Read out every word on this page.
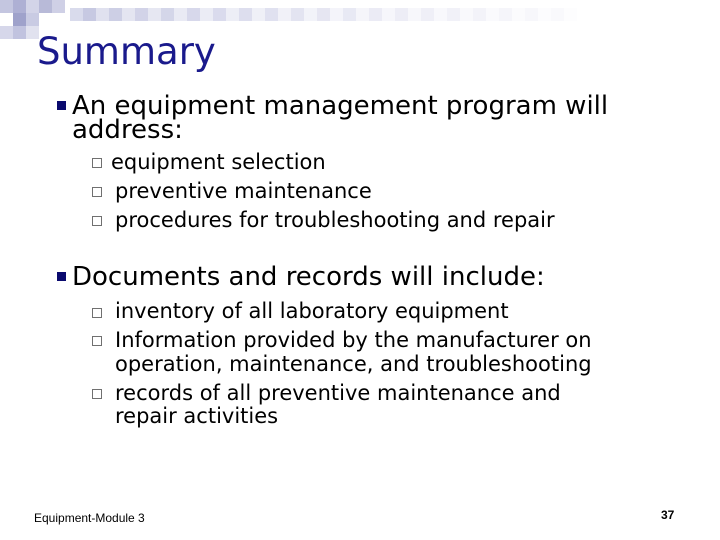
Summary
An equipment management program will
address:
equipment selection
preventive maintenance
procedures for troubleshooting and repair
Documents and records will include:
inventory of all laboratory equipment
Information provided by the manufacturer on
operation, maintenance, and troubleshooting
records of all preventive maintenance and
repair activities
Equipment-Module 3	37
